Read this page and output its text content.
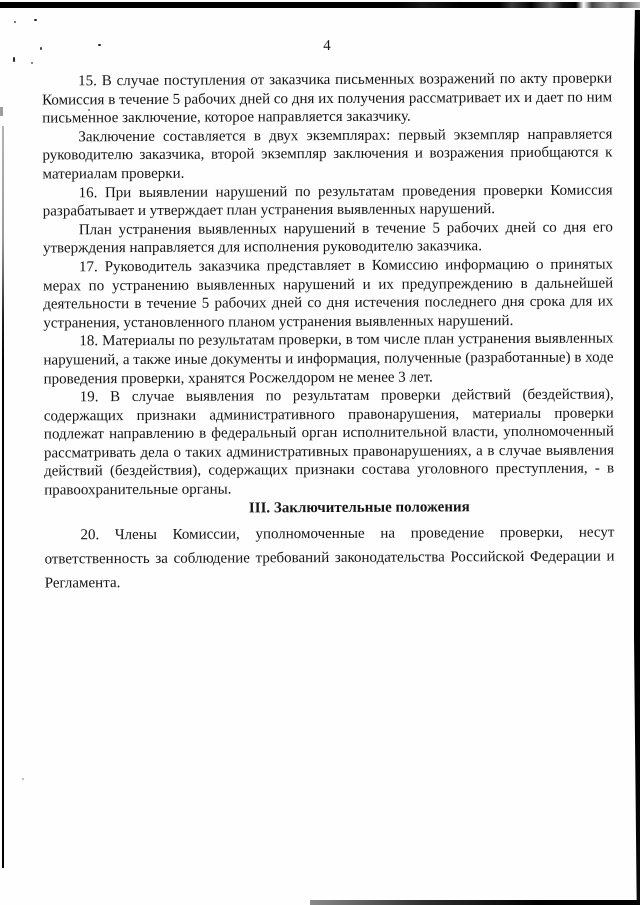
4

15. В случае поступления от заказчика письменных возражений по акту проверки Комиссия в течение 5 рабочих дней со дня их получения рассматривает их и дает по ним письменное заключение, которое направляется заказчику.

Заключение составляется в двух экземплярах: первый экземпляр направляется руководителю заказчика, второй экземпляр заключения и возражения приобщаются к материалам проверки.

16. При выявлении нарушений по результатам проведения проверки Комиссия разрабатывает и утверждает план устранения выявленных нарушений.

План устранения выявленных нарушений в течение 5 рабочих дней со дня его утверждения направляется для исполнения руководителю заказчика.

17. Руководитель заказчика представляет в Комиссию информацию о принятых мерах по устранению выявленных нарушений и их предупреждению в дальнейшей деятельности в течение 5 рабочих дней со дня истечения последнего дня срока для их устранения, установленного планом устранения выявленных нарушений.

18. Материалы по результатам проверки, в том числе план устранения выявленных нарушений, а также иные документы и информация, полученные (разработанные) в ходе проведения проверки, хранятся Росжелдором не менее 3 лет.

19. В случае выявления по результатам проверки действий (бездействия), содержащих признаки административного правонарушения, материалы проверки подлежат направлению в федеральный орган исполнительной власти, уполномоченный рассматривать дела о таких административных правонарушениях, а в случае выявления действий (бездействия), содержащих признаки состава уголовного преступления, - в правоохранительные органы.

III. Заключительные положения

20. Члены Комиссии, уполномоченные на проведение проверки, несут ответственность за соблюдение требований законодательства Российской Федерации и Регламента.
